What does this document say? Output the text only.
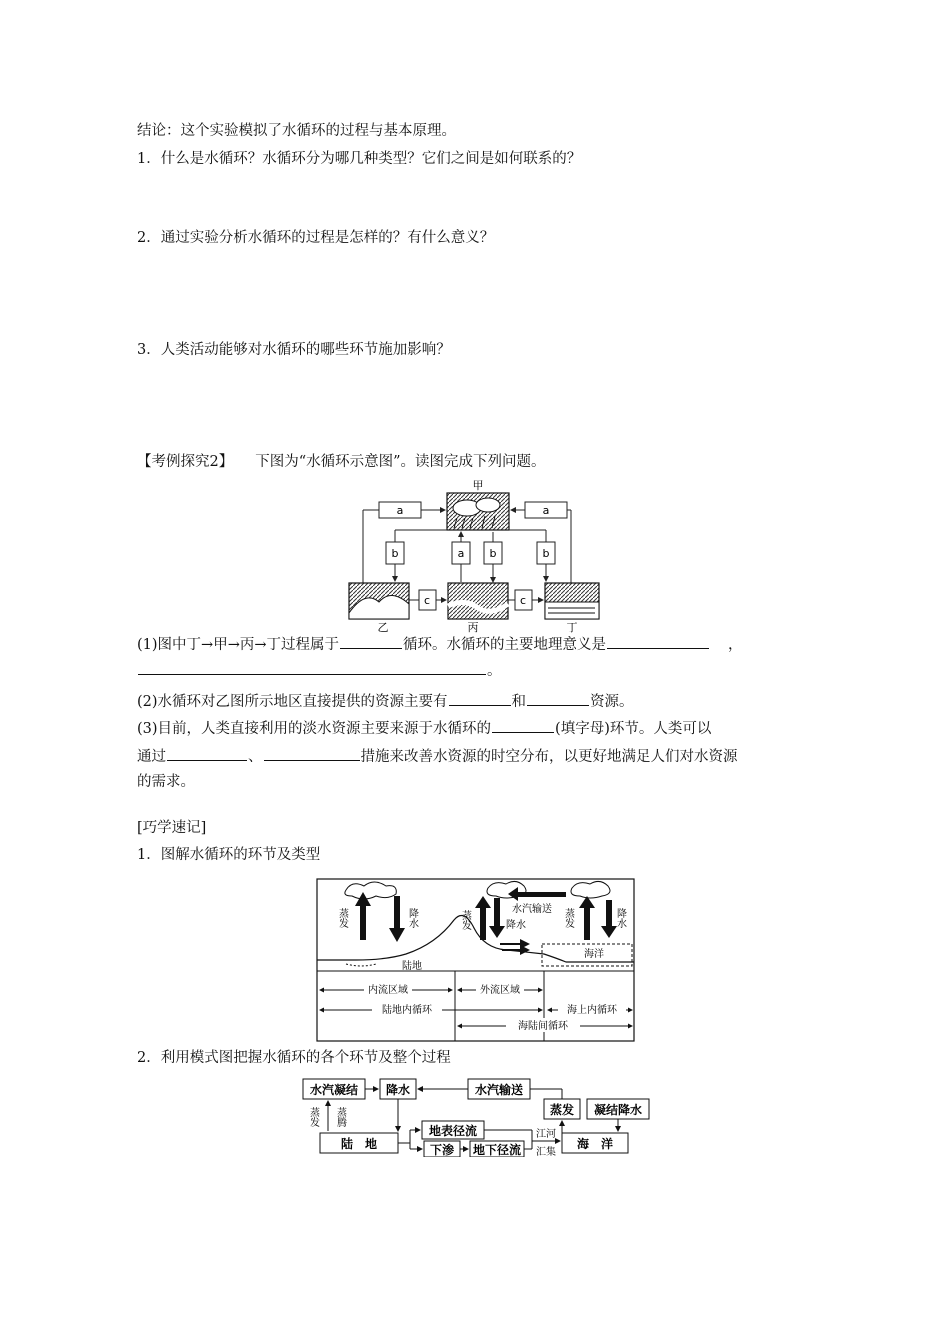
结论：这个实验模拟了水循环的过程与基本原理。
1．什么是水循环？水循环分为哪几种类型？它们之间是如何联系的？
2．通过实验分析水循环的过程是怎样的？有什么意义？
3．人类活动能够对水循环的哪些环节施加影响？
【考例探究2】 下图为“水循环示意图”。读图完成下列问题。
甲
a	a
b	a b	b
c	c
乙	丙	丁
(1)图中丁→甲→丙→丁过程属于	循环。水循环的主要地理意义是	，
。
(2)水循环对乙图所示地区直接提供的资源主要有	和	资源。
(3)目前，人类直接利用的淡水资源主要来源于水循环的	(填字母)环节。人类可以
通过	、	措施来改善水资源的时空分布，以更好地满足人们对水资源
的需求。
[巧学速记]
1．图解水循环的环节及类型
蒸发	降水
陆地
海洋
水汽输送
蒸发	降水	蒸发	降水
内流区域	外流区域
陆地内循环	海上内循环
海陆间循环
2．利用模式图把握水循环的各个环节及整个过程
水汽凝结 降水	水汽输送
蒸发 凝结降水
陆　地
地表径流
下渗 地下径流	海　洋
蒸发 蒸腾
江河
汇集
